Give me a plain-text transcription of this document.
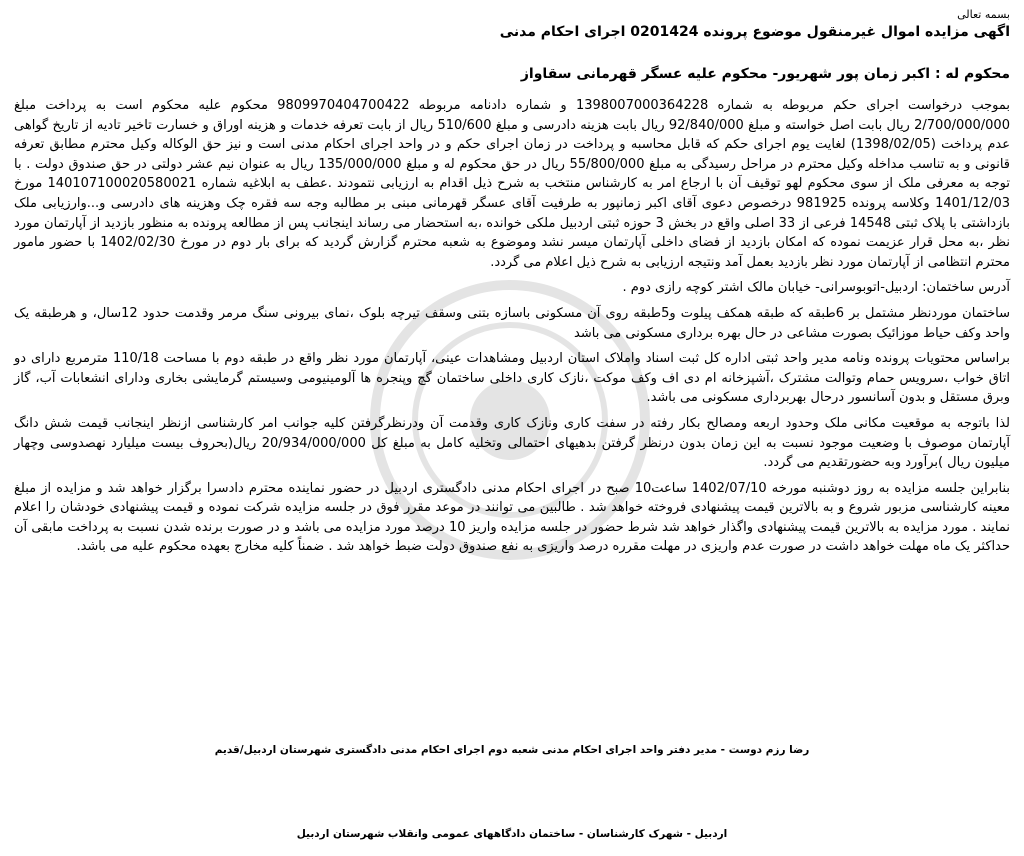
بسمه تعالی
اگهی مزایده اموال غیرمنقول موضوع پرونده 0201424 اجرای احکام مدنی
محکوم له : اکبر زمان پور شهریور- محکوم علیه عسگر قهرمانی سقاواز

بموجب درخواست اجرای حکم مربوطه به شماره 1398007000364228 و شماره دادنامه مربوطه 9809970404700422 محکوم علیه محکوم است به پرداخت مبلغ 2/700/000/000 ریال بابت اصل خواسته و مبلغ 92/840/000 ریال بابت هزینه دادرسی و مبلغ 510/600 ریال از بابت تعرفه خدمات و هزینه اوراق و خسارت تاخیر تادیه از تاریخ گواهی عدم پرداخت (1398/02/05) لغایت یوم اجرای حکم که قابل محاسبه و پرداخت در زمان اجرای حکم و در واحد اجرای احکام مدنی است و نیز حق الوکاله وکیل محترم مطابق تعرفه قانونی و به تناسب مداخله وکیل محترم در مراحل رسیدگی به مبلغ 55/800/000 ریال در حق محکوم له و مبلغ 135/000/000 ریال به عنوان نیم عشر دولتی در حق صندوق دولت . با توجه به معرفی ملک از سوی محکوم لهو توقیف آن با ارجاع امر به کارشناس منتخب به شرح ذیل اقدام به ارزیابی نتمودند .عطف به ابلاغیه شماره 140107100020580021 مورخ 1401/12/03 وکلاسه پرونده 981925 درخصوص دعوی آقای اکبر زمانپور به طرفیت آقای عسگر قهرمانی مبنی بر مطالبه وجه سه فقره چک وهزینه های دادرسی و...وارزیابی ملک بازداشتی با پلاک ثبتی 14548 فرعی از 33 اصلی واقع در بخش 3 حوزه ثبتی اردبیل ملکی خوانده ،به استحضار می رساند اینجانب پس از مطالعه پرونده به منظور بازدید از آپارتمان مورد نظر ،به محل قرار عزیمت نموده که امکان بازدید از فضای داخلی آپارتمان میسر نشد وموضوع به شعبه محترم گزارش گردید که برای بار دوم در مورخ 1402/02/30 با حضور مامور محترم انتظامی از آپارتمان مورد نظر بازدید بعمل آمد ونتیجه ارزیابی به شرح ذیل اعلام می گردد.

آدرس ساختمان: اردبیل-اتوبوسرانی- خیابان مالک اشتر کوچه رازی دوم .

ساختمان موردنظر مشتمل بر 6طبقه که طبقه همکف پیلوت و5طبقه روی آن مسکونی باسازه بتنی وسقف تیرچه بلوک ،نمای بیرونی سنگ مرمر وقدمت حدود 12سال، و هرطبقه یک واحد وکف حیاط موزائیک بصورت مشاعی در حال بهره برداری مسکونی می باشد

براساس محتویات پرونده ونامه مدیر واحد ثبتی اداره کل ثبت اسناد واملاک استان اردبیل ومشاهدات عینی، آپارتمان مورد نظر واقع در طبقه دوم با مساحت 110/18 مترمربع دارای دو اتاق خواب ،سرویس حمام وتوالت مشترک ،آشپزخانه ام دی اف وکف موکت ،نازک کاری داخلی ساختمان گچ وپنجره ها آلومینیومی وسیستم گرمایشی بخاری ودارای انشعابات آب، گاز وبرق مستقل و بدون آسانسور درحال بهربرداری مسکونی می باشد.

لذا باتوجه به موقعیت مکانی ملک وحدود اربعه ومصالح بکار رفته در سفت کاری ونازک کاری وقدمت آن ودرنظرگرفتن کلیه جوانب امر کارشناسی ازنظر اینجانب قیمت شش دانگ آپارتمان موصوف با وضعیت موجود نسبت به این زمان بدون درنظر گرفتن بدهیهای احتمالی وتخلیه کامل به مبلغ کل 20/934/000/000 ریال(بحروف بیست میلیارد نهصدوسی وچهار میلیون ریال )برآورد وبه حضورتقدیم می گردد.

بنابراین جلسه مزایده به روز دوشنبه مورخه 1402/07/10 ساعت10 صبح در اجرای احکام مدنی دادگستری اردبیل در حضور نماینده محترم دادسرا برگزار خواهد شد و مزایده از مبلغ معینه کارشناسی مزبور شروع و به بالاترین قیمت پیشنهادی فروخته خواهد شد . طالبین می توانند در موعد مقرر فوق در جلسه مزایده شرکت نموده و قیمت پیشنهادی خودشان را اعلام نمایند . مورد مزایده به بالاترین قیمت پیشنهادی واگذار خواهد شد شرط حضور در جلسه مزایده واریز 10 درصد مورد مزایده می باشد و در صورت برنده شدن نسبت به پرداخت مابقی آن حداکثر یک ماه مهلت خواهد داشت در صورت عدم واریزی در مهلت مقرره درصد واریزی به نفع صندوق دولت ضبط خواهد شد . ضمناً کلیه مخارج بعهده محکوم علیه می باشد.

رضا رزم دوست - مدیر دفتر واحد اجرای احکام مدنی شعبه دوم اجرای احکام مدنی دادگستری شهرستان اردبیل/قدیم
اردبیل - شهرک کارشناسان - ساختمان دادگاههای عمومی وانقلاب شهرستان اردبیل
